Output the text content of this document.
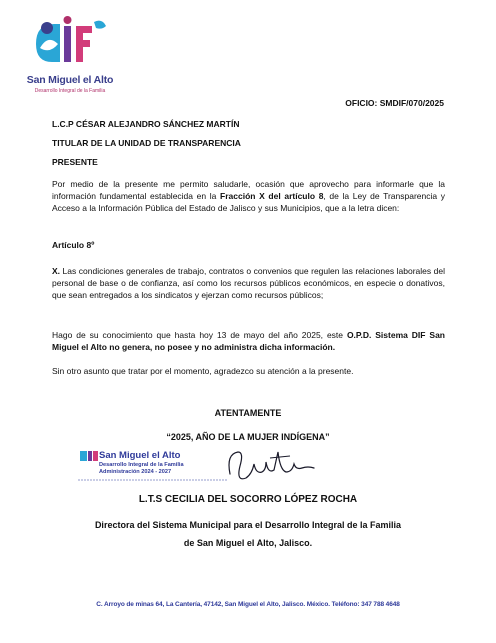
San Miguel el Alto
Desarrollo Integral de la Familia
OFICIO: SMDIF/070/2025
L.C.P CÉSAR ALEJANDRO SÁNCHEZ MARTÍN
TITULAR DE LA UNIDAD DE TRANSPARENCIA
PRESENTE
Por medio de la presente me permito saludarle, ocasión que aprovecho para informarle que la información fundamental establecida en la Fracción X del artículo 8, de la Ley de Transparencia y Acceso a la Información Pública del Estado de Jalisco y sus Municipios, que a la letra dicen:
Artículo 8º
X. Las condiciones generales de trabajo, contratos o convenios que regulen las relaciones laborales del personal de base o de confianza, así como los recursos públicos económicos, en especie o donativos, que sean entregados a los sindicatos y ejerzan como recursos públicos;
Hago de su conocimiento que hasta hoy 13 de mayo del año 2025, este O.P.D. Sistema DIF San Miguel el Alto no genera, no posee y no administra dicha información.
Sin otro asunto que tratar por el momento, agradezco su atención a la presente.
ATENTAMENTE
“2025, AÑO DE LA MUJER INDÍGENA”
San Miguel el Alto
Desarrollo Integral de la Familia
Administración 2024 - 2027
L.T.S CECILIA DEL SOCORRO LÓPEZ ROCHA
Directora del Sistema Municipal para el Desarrollo Integral de la Familia
de San Miguel el Alto, Jalisco.
C. Arroyo de minas 64, La Cantería, 47142, San Miguel el Alto, Jalisco. México. Teléfono: 347 788 4648
